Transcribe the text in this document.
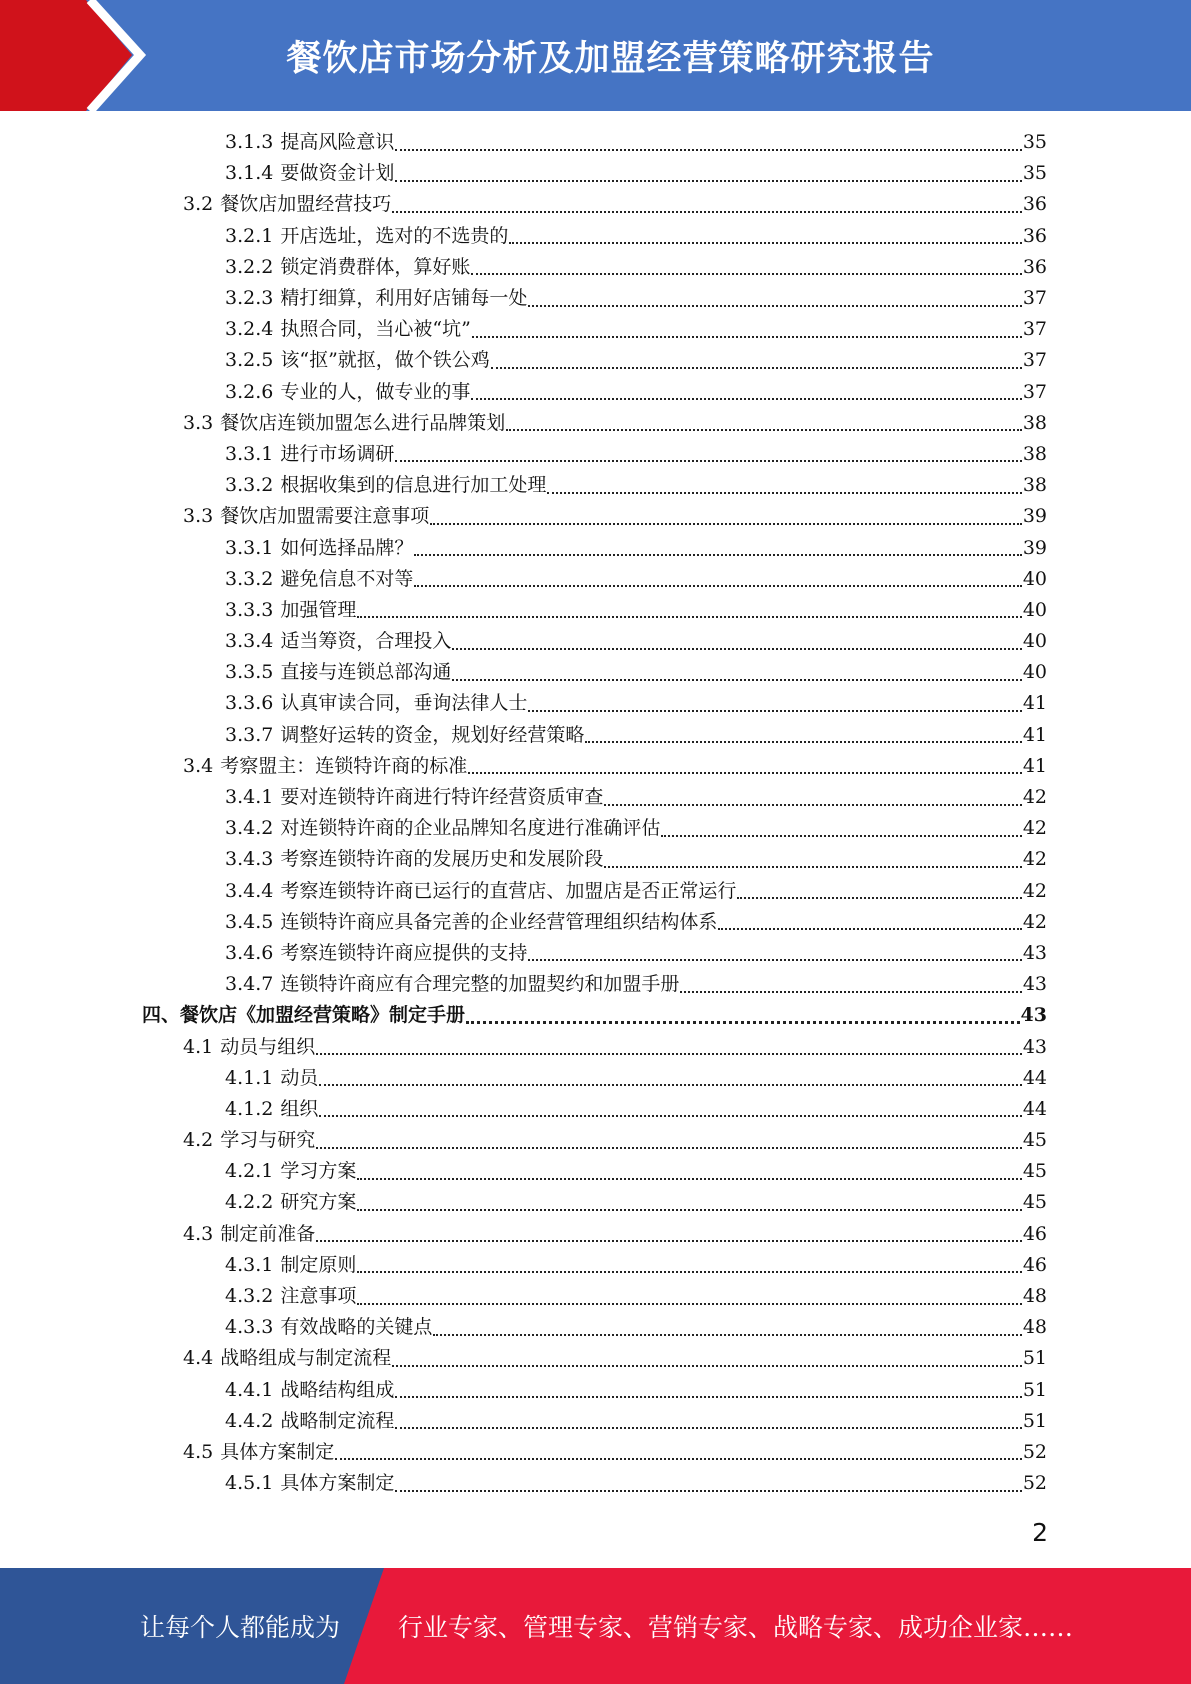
餐饮店市场分析及加盟经营策略研究报告
3.1.3 提高风险意识	35
3.1.4 要做资金计划	35
3.2 餐饮店加盟经营技巧	36
3.2.1 开店选址，选对的不选贵的	36
3.2.2 锁定消费群体，算好账	36
3.2.3 精打细算，利用好店铺每一处	37
3.2.4 执照合同，当心被“坑”	37
3.2.5 该“抠”就抠，做个铁公鸡	37
3.2.6 专业的人，做专业的事	37
3.3 餐饮店连锁加盟怎么进行品牌策划	38
3.3.1 进行市场调研	38
3.3.2 根据收集到的信息进行加工处理	38
3.3 餐饮店加盟需要注意事项	39
3.3.1 如何选择品牌？	39
3.3.2 避免信息不对等	40
3.3.3 加强管理	40
3.3.4 适当筹资，合理投入	40
3.3.5 直接与连锁总部沟通	40
3.3.6 认真审读合同，垂询法律人士	41
3.3.7 调整好运转的资金，规划好经营策略	41
3.4 考察盟主：连锁特许商的标准	41
3.4.1 要对连锁特许商进行特许经营资质审查	42
3.4.2 对连锁特许商的企业品牌知名度进行准确评估	42
3.4.3 考察连锁特许商的发展历史和发展阶段	42
3.4.4 考察连锁特许商已运行的直营店、加盟店是否正常运行	42
3.4.5 连锁特许商应具备完善的企业经营管理组织结构体系	42
3.4.6 考察连锁特许商应提供的支持	43
3.4.7 连锁特许商应有合理完整的加盟契约和加盟手册	43
四、餐饮店《加盟经营策略》制定手册	43
4.1 动员与组织	43
4.1.1 动员	44
4.1.2 组织	44
4.2 学习与研究	45
4.2.1 学习方案	45
4.2.2 研究方案	45
4.3 制定前准备	46
4.3.1 制定原则	46
4.3.2 注意事项	48
4.3.3 有效战略的关键点	48
4.4 战略组成与制定流程	51
4.4.1 战略结构组成	51
4.4.2 战略制定流程	51
4.5 具体方案制定	52
4.5.1 具体方案制定	52
2
让每个人都能成为 行业专家、管理专家、营销专家、战略专家、成功企业家……
